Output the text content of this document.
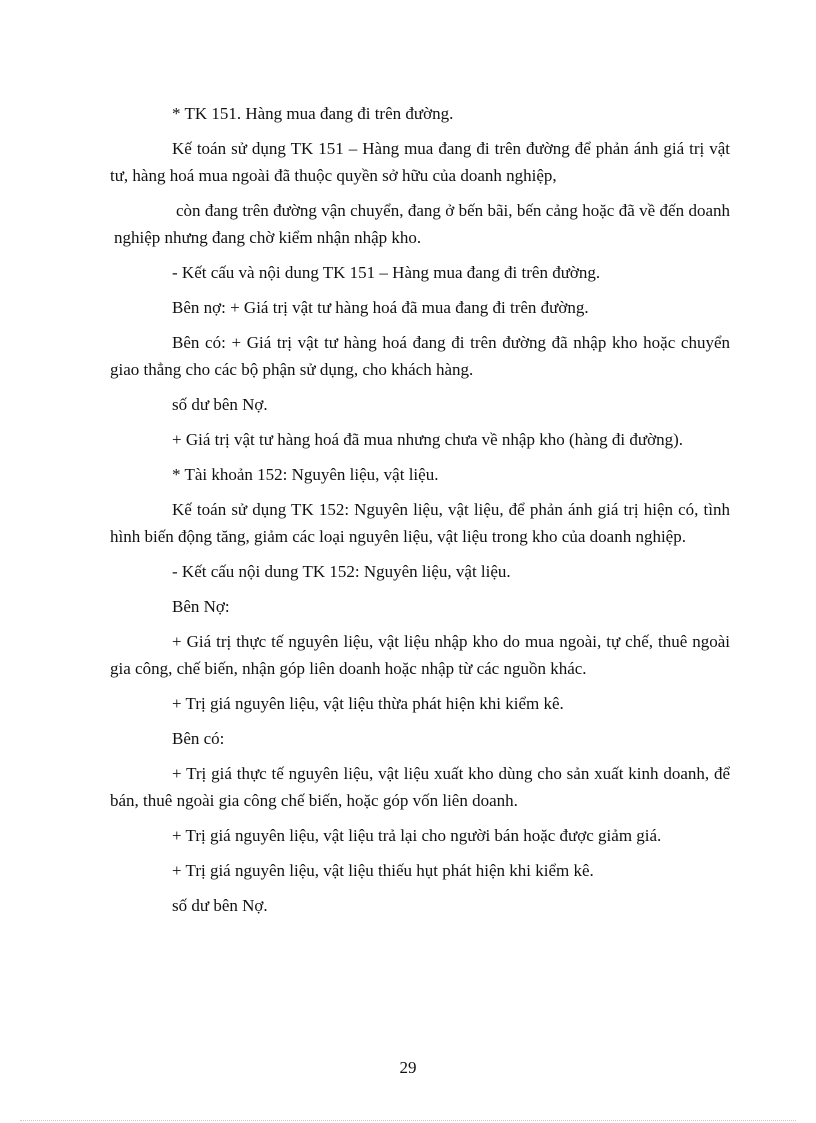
* TK 151. Hàng mua đang đi trên đường.

Kế toán sử dụng TK 151 – Hàng mua đang đi trên đường để phản ánh giá trị vật tư, hàng hoá mua ngoài đã thuộc quyền sở hữu của doanh nghiệp,

còn đang trên đường vận chuyển, đang ở bến bãi, bến cảng hoặc đã về đến doanh nghiệp nhưng đang chờ kiểm nhận nhập kho.

- Kết cấu và nội dung TK 151 – Hàng mua đang đi trên đường.

Bên nợ: + Giá trị vật tư hàng hoá đã mua đang đi trên đường.

Bên có: + Giá trị vật tư hàng hoá đang đi trên đường đã nhập kho hoặc chuyển giao thẳng cho các bộ phận sử dụng, cho khách hàng.

số dư bên Nợ.

+ Giá trị vật tư hàng hoá đã mua nhưng chưa về nhập kho (hàng đi đường).

* Tài khoản 152: Nguyên liệu, vật liệu.

Kế toán sử dụng TK 152: Nguyên liệu, vật liệu, để phản ánh giá trị hiện có, tình hình biến động tăng, giảm các loại nguyên liệu, vật liệu trong kho của doanh nghiệp.

- Kết cấu nội dung TK 152: Nguyên liệu, vật liệu.

Bên Nợ:

+ Giá trị thực tế nguyên liệu, vật liệu nhập kho do mua ngoài, tự chế, thuê ngoài gia công, chế biến, nhận góp liên doanh hoặc nhập từ các nguồn khác.

+ Trị giá nguyên liệu, vật liệu thừa phát hiện khi kiểm kê.

Bên có:

+ Trị giá thực tế nguyên liệu, vật liệu xuất kho dùng cho sản xuất kinh doanh, để bán, thuê ngoài gia công chế biến, hoặc góp vốn liên doanh.

+ Trị giá nguyên liệu, vật liệu trả lại cho người bán hoặc được giảm giá.

+ Trị giá nguyên liệu, vật liệu thiếu hụt phát hiện khi kiểm kê.

số dư bên Nợ.

29
